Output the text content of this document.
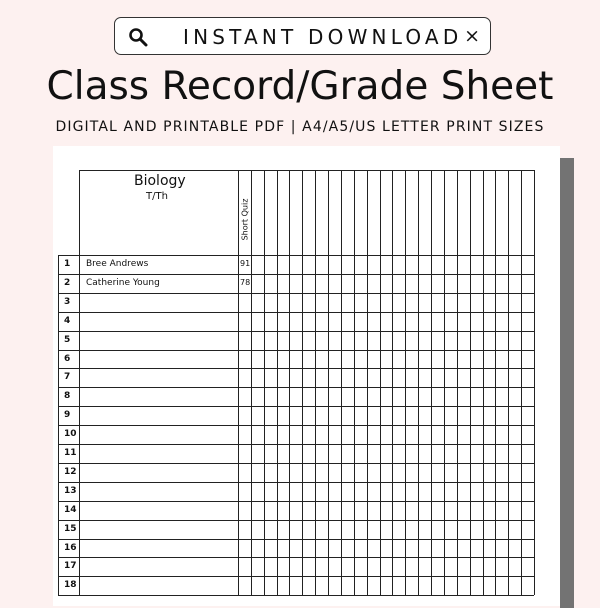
INSTANT DOWNLOAD ×
Class Record/Grade Sheet
DIGITAL AND PRINTABLE PDF | A4/A5/US LETTER PRINT SIZES
Biology
T/Th
Short Quiz
1 Bree Andrews	91
2 Catherine Young	78
3
4
5
6
7
8
9
10
11
12
13
14
15
16
17
18
